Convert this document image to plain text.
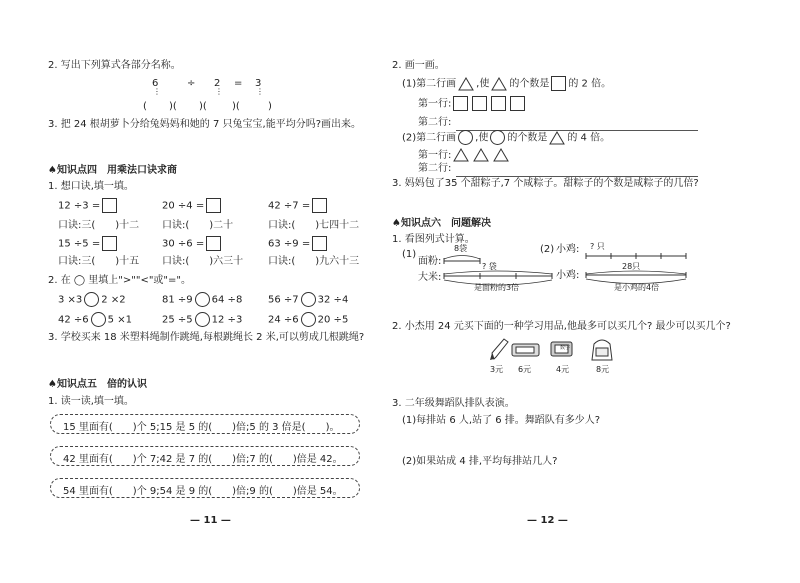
2. 写出下列算式各部分名称。
6	÷ 2 = 3
⋮	⋮	⋮
( )( )(	)(	)
3. 把 24 根胡萝卜分给兔妈妈和她的 7 只兔宝宝,能平均分吗?画出来。
♠知识点四　用乘法口诀求商
1. 想口诀,填一填。
12 ÷3 =	20 ÷4 =	42 ÷7 =
口诀:三(　　 )十二 口诀:(　　 )二十	口诀:(　　 )七四十二
15 ÷5 =	30 ÷6 =	63 ÷9 =
口诀:三(　　 )十五 口诀:(　　 )六三十 口诀:(　　 )九六十三
2. 在 ◯ 里填上">""<"或"="。
3 ×3 2 ×2	81 ÷9 64 ÷8	56 ÷7 32 ÷4
42 ÷6 5 ×1	25 ÷5 12 ÷3	24 ÷6 20 ÷5
3. 学校买来 18 米塑料绳制作跳绳,每根跳绳长 2 米,可以剪成几根跳绳?
♠知识点五　倍的认识
1. 读一读,填一填。
15 里面有(　　)个 5;15 是 5 的(　　)倍;5 的 3 倍是(　　)。
42 里面有(　　)个 7;42 是 7 的(　　)倍;7 的(　　)倍是 42。
54 里面有(　　)个 9;54 是 9 的(　　)倍;9 的(　　)倍是 54。
— 11 —
2. 画一画。
(1)第二行画 ,使 的个数是 的 2 倍。
第一行:
第二行:
(2)第二行画 ,使 的个数是 的 4 倍。
第一行:
第二行:
3. 妈妈包了35 个甜粽子,7 个咸粽子。甜粽子的个数是咸粽子的几倍?
♠知识点六　问题解决
1. 看图列式计算。
(1)
面粉:
8袋
大米:
? 袋
是面粉的3倍
(2) 小鸡: ? 只
小鸡:
28只
是小鸡的4倍
2. 小杰用 24 元买下面的一种学习用品,他最多可以买几个? 最少可以买几个?
数学
3元 6元	4元	8元
3. 二年级舞蹈队排队表演。
(1)每排站 6 人,站了 6 排。舞蹈队有多少人?
(2)如果站成 4 排,平均每排站几人?
— 12 —
